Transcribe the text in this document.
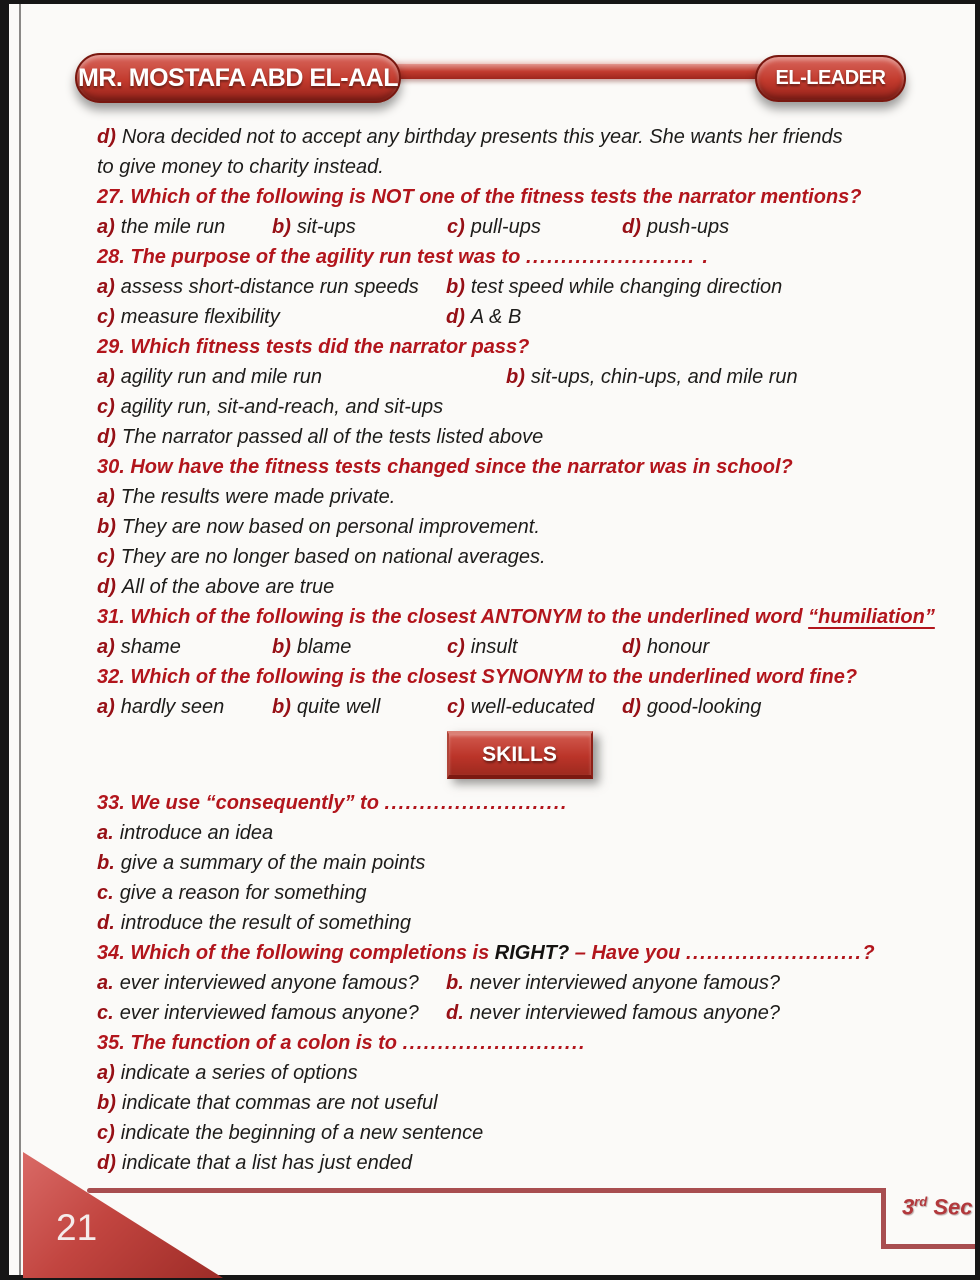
MR. MOSTAFA ABD EL-AAL	EL-LEADER
d) Nora decided not to accept any birthday presents this year. She wants her friends
to give money to charity instead.
27. Which of the following is NOT one of the fitness tests the narrator mentions?
a) the mile run b) sit-ups	c) pull-ups	d) push-ups
28. The purpose of the agility run test was to ........................ .
a) assess short-distance run speeds b) test speed while changing direction
c) measure flexibility	d) A & B
29. Which fitness tests did the narrator pass?
a) agility run and mile run	b) sit-ups, chin-ups, and mile run
c) agility run, sit-and-reach, and sit-ups
d) The narrator passed all of the tests listed above
30. How have the fitness tests changed since the narrator was in school?
a) The results were made private.
b) They are now based on personal improvement.
c) They are no longer based on national averages.
d) All of the above are true
31. Which of the following is the closest ANTONYM to the underlined word “humiliation”
a) shame	b) blame	c) insult	d) honour
32. Which of the following is the closest SYNONYM to the underlined word fine?
a) hardly seen b) quite well	c) well-educated d) good-looking
SKILLS
33. We use “consequently” to ..........................
a. introduce an idea
b. give a summary of the main points
c. give a reason for something
d. introduce the result of something
34. Which of the following completions is RIGHT? – Have you .........................?
a. ever interviewed anyone famous? b. never interviewed anyone famous?
c. ever interviewed famous anyone? d. never interviewed famous anyone?
35. The function of a colon is to ..........................
a) indicate a series of options
b) indicate that commas are not useful
c) indicate the beginning of a new sentence
d) indicate that a list has just ended
3rd Sec
21
